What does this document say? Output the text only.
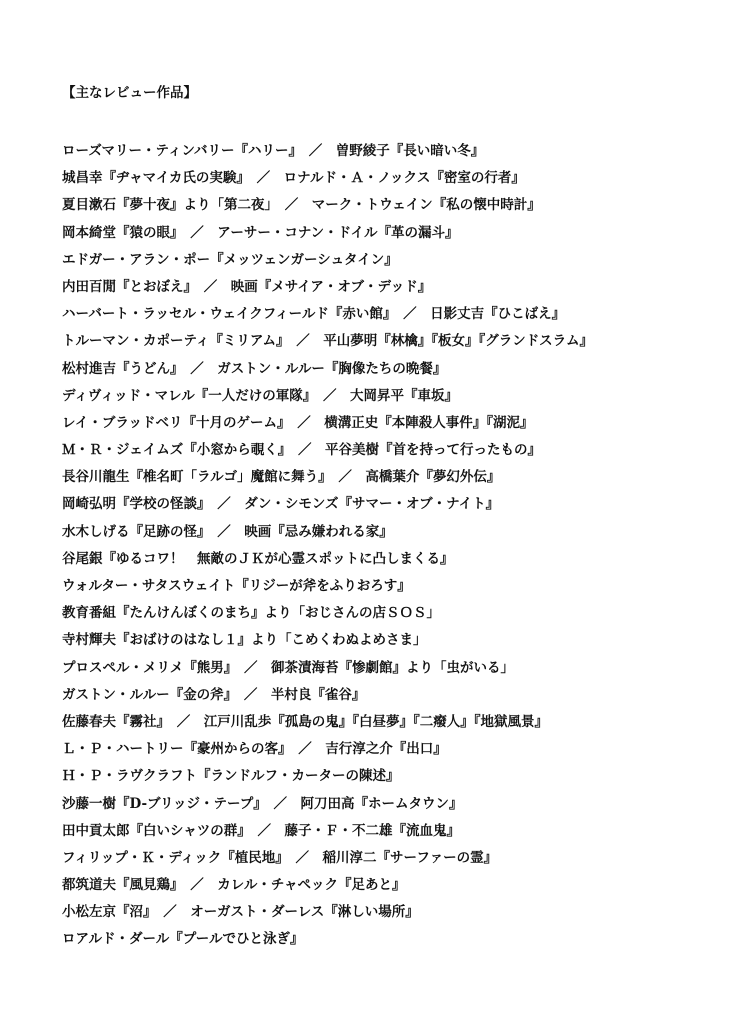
【主なレビュー作品】
ローズマリー・ティンバリー『ハリー』　／　曽野綾子『長い暗い冬』
城昌幸『ヂャマイカ氏の実験』　／　ロナルド・Ａ・ノックス『密室の行者』
夏目漱石『夢十夜』より「第二夜」　／　マーク・トウェイン『私の懐中時計』
岡本綺堂『猿の眼』　／　アーサー・コナン・ドイル『革の漏斗』
エドガー・アラン・ポー『メッツェンガーシュタイン』
内田百閒『とおぼえ』　／　映画『メサイア・オブ・デッド』
ハーバート・ラッセル・ウェイクフィールド『赤い館』　／　日影丈吉『ひこばえ』
トルーマン・カポーティ『ミリアム』　／　平山夢明『林檎』『板女』『グランドスラム』
松村進吉『うどん』　／　ガストン・ルルー『胸像たちの晩餐』
ディヴィッド・マレル『一人だけの軍隊』　／　大岡昇平『車坂』
レイ・ブラッドベリ『十月のゲーム』　／　横溝正史『本陣殺人事件』『湖泥』
Ｍ・Ｒ・ジェイムズ『小窓から覗く』　／　平谷美樹『首を持って行ったもの』
長谷川龍生『椎名町「ラルゴ」魔館に舞う』　／　高橋葉介『夢幻外伝』
岡崎弘明『学校の怪談』　／　ダン・シモンズ『サマー・オブ・ナイト』
水木しげる『足跡の怪』　／　映画『忌み嫌われる家』
谷尾銀『ゆるコワ！　無敵のＪＫが心霊スポットに凸しまくる』
ウォルター・サタスウェイト『リジーが斧をふりおろす』
教育番組『たんけんぼくのまち』より「おじさんの店ＳＯＳ」
寺村輝夫『おばけのはなし１』より「こめくわぬよめさま」
プロスペル・メリメ『熊男』　／　御茶漬海苔『惨劇館』より「虫がいる」
ガストン・ルルー『金の斧』　／　半村良『雀谷』
佐藤春夫『霧社』　／　江戸川乱歩『孤島の鬼』『白昼夢』『二癈人』『地獄風景』
Ｌ・Ｐ・ハートリー『豪州からの客』　／　吉行淳之介『出口』
Ｈ・Ｐ・ラヴクラフト『ランドルフ・カーターの陳述』
沙藤一樹『D-ブリッジ・テープ』　／　阿刀田高『ホームタウン』
田中貢太郎『白いシャツの群』　／　藤子・Ｆ・不二雄『流血鬼』
フィリップ・Ｋ・ディック『植民地』　／　稲川淳二『サーファーの霊』
都筑道夫『風見鶏』　／　カレル・チャペック『足あと』
小松左京『沼』　／　オーガスト・ダーレス『淋しい場所』
ロアルド・ダール『プールでひと泳ぎ』
